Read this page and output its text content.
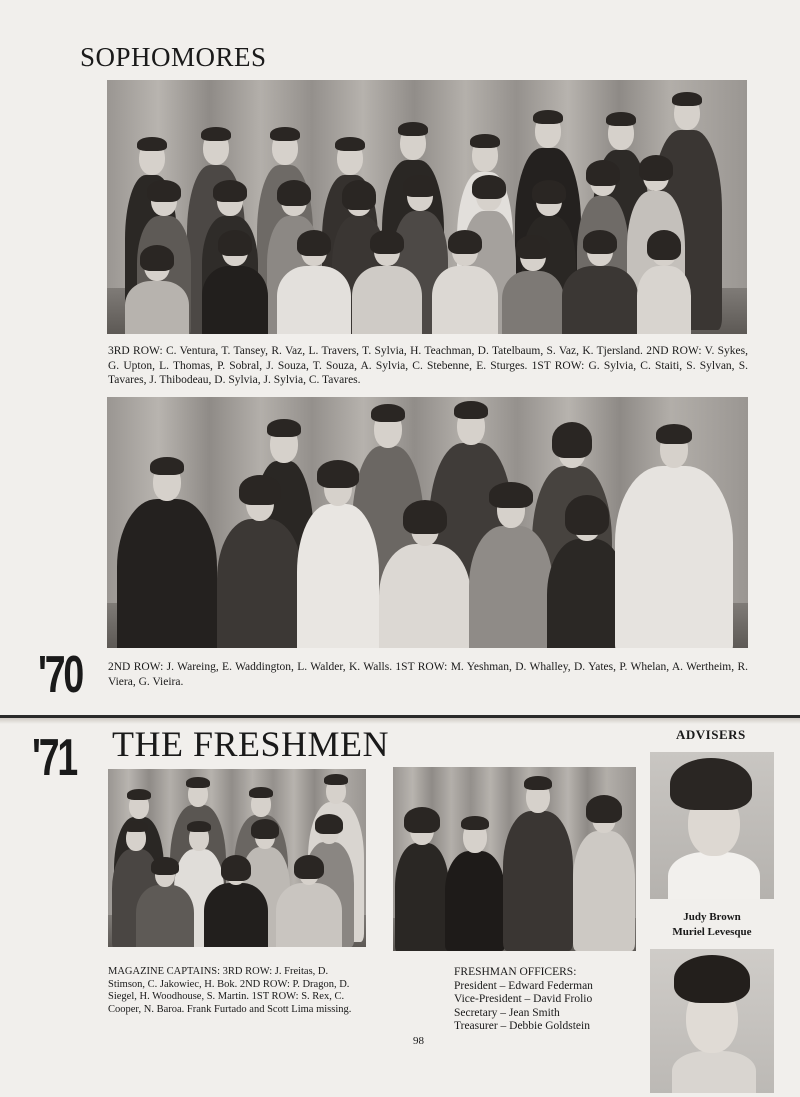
SOPHOMORES
3RD ROW: C. Ventura, T. Tansey, R. Vaz, L. Travers, T. Sylvia, H. Teachman, D. Tatelbaum, S. Vaz, K. Tjersland. 2ND ROW: V. Sykes, G. Upton, L. Thomas, P. Sobral, J. Souza, T. Souza, A. Sylvia, C. Stebenne, E. Sturges. 1ST ROW: G. Sylvia, C. Staiti, S. Sylvan, S. Tavares, J. Thibodeau, D. Sylvia, J. Sylvia, C. Tavares.
'70 2ND ROW: J. Wareing, E. Waddington, L. Walder, K. Walls. 1ST ROW: M. Yeshman, D. Whalley, D. Yates, P. Whelan, A. Wertheim, R. Viera, G. Vieira.
'71 THE FRESHMEN	ADVISERS
MAGAZINE CAPTAINS: 3RD ROW: J. Freitas, D. Stimson, C. Jakowiec, H. Bok. 2ND ROW: P. Dragon, D. Siegel, H. Woodhouse, S. Martin. 1ST ROW: S. Rex, C. Cooper, N. Baroa. Frank Furtado and Scott Lima missing.
FRESHMAN OFFICERS:
President – Edward Federman
Vice-President – David Frolio
Secretary – Jean Smith
Treasurer – Debbie Goldstein
98
Judy Brown
Muriel Levesque
